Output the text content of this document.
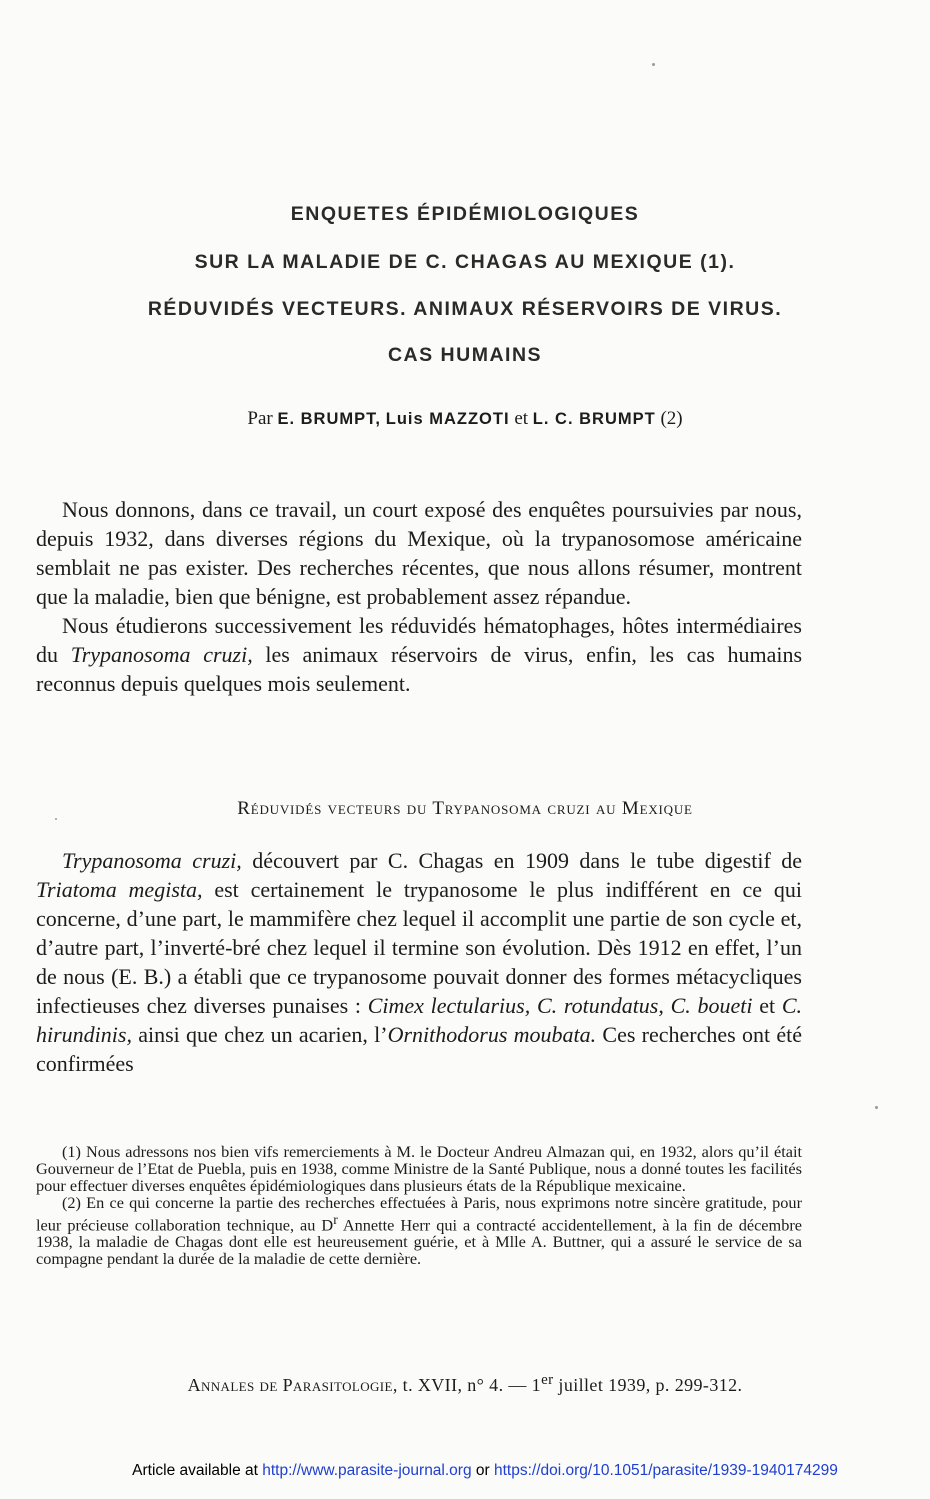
ENQUETES ÉPIDÉMIOLOGIQUES
SUR LA MALADIE DE C. CHAGAS AU MEXIQUE (1).
RÉDUVIDÉS VECTEURS. ANIMAUX RÉSERVOIRS DE VIRUS.
CAS HUMAINS
Par E. BRUMPT, Luis MAZZOTI et L. C. BRUMPT (2)

Nous donnons, dans ce travail, un court exposé des enquêtes poursuivies par nous, depuis 1932, dans diverses régions du Mexique, où la trypanosomose américaine semblait ne pas exister. Des recherches récentes, que nous allons résumer, montrent que la maladie, bien que bénigne, est probablement assez répandue.

Nous étudierons successivement les réduvidés hématophages, hôtes intermédiaires du Trypanosoma cruzi, les animaux réservoirs de virus, enfin, les cas humains reconnus depuis quelques mois seulement.

Réduvidés vecteurs du Trypanosoma cruzi au Mexique

Trypanosoma cruzi, découvert par C. Chagas en 1909 dans le tube digestif de Triatoma megista, est certainement le trypanosome le plus indifférent en ce qui concerne, d’une part, le mammifère chez lequel il accomplit une partie de son cycle et, d’autre part, l’inverté-bré chez lequel il termine son évolution. Dès 1912 en effet, l’un de nous (E. B.) a établi que ce trypanosome pouvait donner des formes métacycliques infectieuses chez diverses punaises : Cimex lectularius, C. rotundatus, C. boueti et C. hirundinis, ainsi que chez un acarien, l’Ornithodorus moubata. Ces recherches ont été confirmées

(1) Nous adressons nos bien vifs remerciements à M. le Docteur Andreu Almazan qui, en 1932, alors qu’il était Gouverneur de l’Etat de Puebla, puis en 1938, comme Ministre de la Santé Publique, nous a donné toutes les facilités pour effectuer diverses enquêtes épidémiologiques dans plusieurs états de la République mexicaine.

(2) En ce qui concerne la partie des recherches effectuées à Paris, nous exprimons notre sincère gratitude, pour leur précieuse collaboration technique, au $D^r$ Annette Herr qui a contracté accidentellement, à la fin de décembre 1938, la maladie de Chagas dont elle est heureusement guérie, et à Mlle A. Buttner, qui a assuré le service de sa compagne pendant la durée de la maladie de cette dernière.

Annales de Parasitologie, t. XVII, n° 4. — 1er juillet 1939, p. 299-312.
Article available at http://www.parasite-journal.org or https://doi.org/10.1051/parasite/1939-1940174299
